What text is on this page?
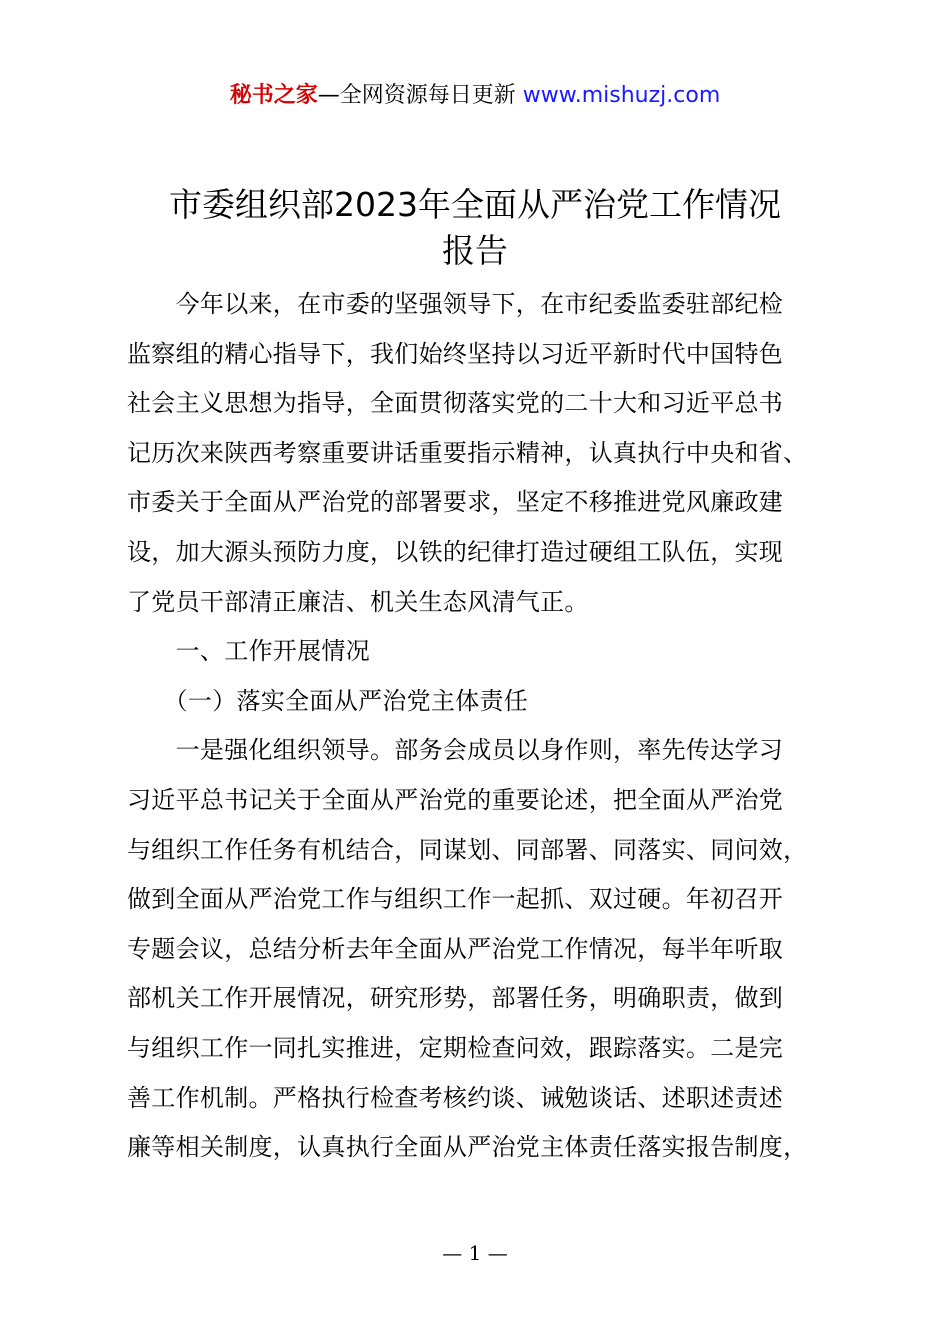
秘书之家—全网资源每日更新 www.mishuzj.com
市委组织部2023年全面从严治党工作情况
报告
　　今年以来，在市委的坚强领导下，在市纪委监委驻部纪检
监察组的精心指导下，我们始终坚持以习近平新时代中国特色
社会主义思想为指导，全面贯彻落实党的二十大和习近平总书
记历次来陕西考察重要讲话重要指示精神，认真执行中央和省、
市委关于全面从严治党的部署要求，坚定不移推进党风廉政建
设，加大源头预防力度，以铁的纪律打造过硬组工队伍，实现
了党员干部清正廉洁、机关生态风清气正。
　　一、工作开展情况
　　（一）落实全面从严治党主体责任
　　一是强化组织领导。部务会成员以身作则，率先传达学习
习近平总书记关于全面从严治党的重要论述，把全面从严治党
与组织工作任务有机结合，同谋划、同部署、同落实、同问效，
做到全面从严治党工作与组织工作一起抓、双过硬。年初召开
专题会议，总结分析去年全面从严治党工作情况，每半年听取
部机关工作开展情况，研究形势，部署任务，明确职责，做到
与组织工作一同扎实推进，定期检查问效，跟踪落实。二是完
善工作机制。严格执行检查考核约谈、诫勉谈话、述职述责述
廉等相关制度，认真执行全面从严治党主体责任落实报告制度，
— 1 —
